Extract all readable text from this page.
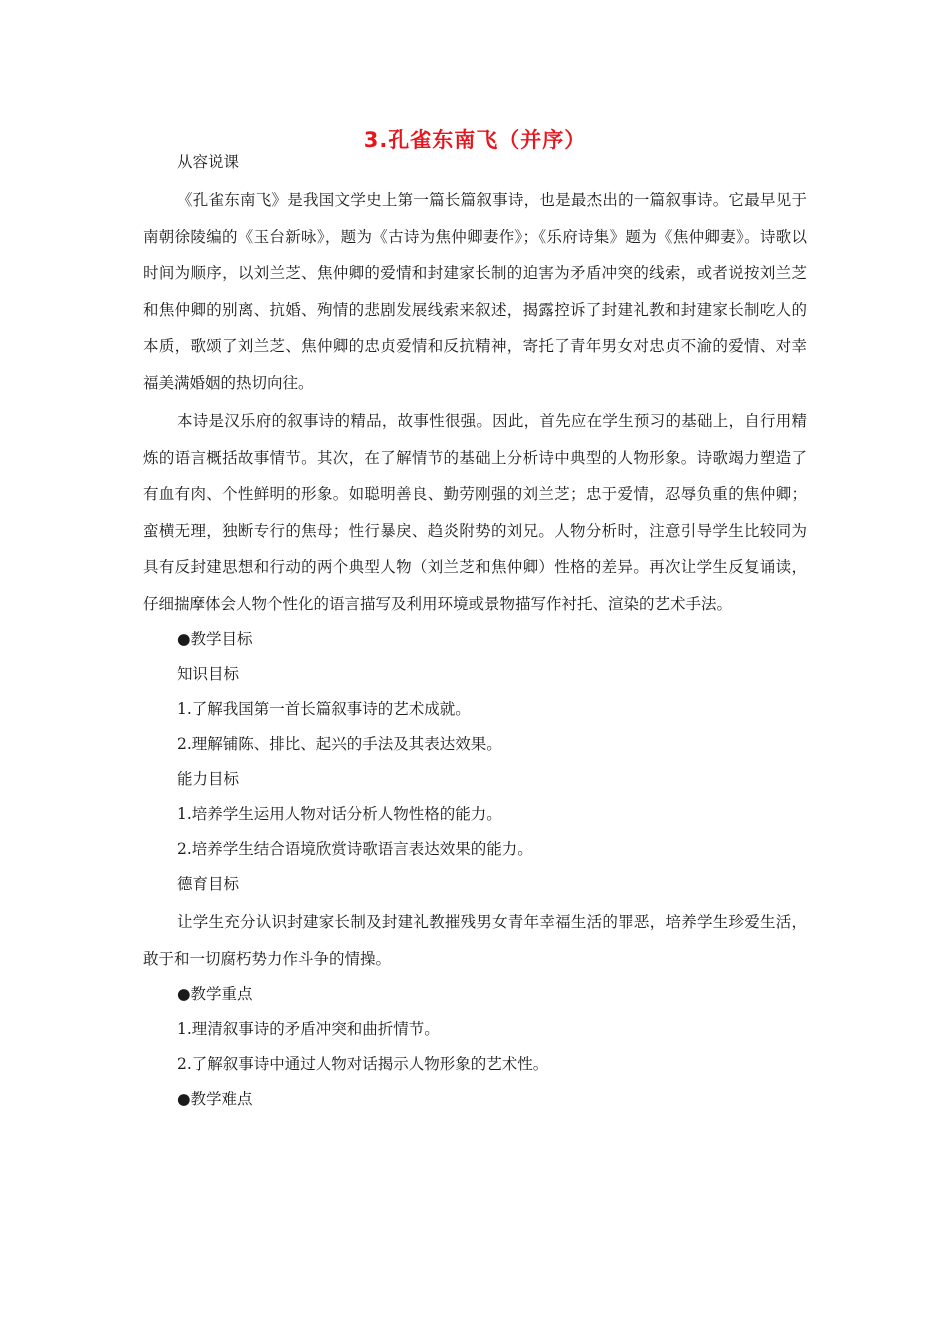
3.孔雀东南飞（并序）
从容说课

《孔雀东南飞》是我国文学史上第一篇长篇叙事诗，也是最杰出的一篇叙事诗。它最早见于南朝徐陵编的《玉台新咏》，题为《古诗为焦仲卿妻作》；《乐府诗集》题为《焦仲卿妻》。诗歌以时间为顺序，以刘兰芝、焦仲卿的爱情和封建家长制的迫害为矛盾冲突的线索，或者说按刘兰芝和焦仲卿的别离、抗婚、殉情的悲剧发展线索来叙述，揭露控诉了封建礼教和封建家长制吃人的本质，歌颂了刘兰芝、焦仲卿的忠贞爱情和反抗精神，寄托了青年男女对忠贞不渝的爱情、对幸福美满婚姻的热切向往。

本诗是汉乐府的叙事诗的精品，故事性很强。因此，首先应在学生预习的基础上，自行用精炼的语言概括故事情节。其次，在了解情节的基础上分析诗中典型的人物形象。诗歌竭力塑造了有血有肉、个性鲜明的形象。如聪明善良、勤劳刚强的刘兰芝；忠于爱情，忍辱负重的焦仲卿；蛮横无理，独断专行的焦母；性行暴戾、趋炎附势的刘兄。人物分析时，注意引导学生比较同为具有反封建思想和行动的两个典型人物（刘兰芝和焦仲卿）性格的差异。再次让学生反复诵读，仔细揣摩体会人物个性化的语言描写及利用环境或景物描写作衬托、渲染的艺术手法。

●教学目标
知识目标
1.了解我国第一首长篇叙事诗的艺术成就。
2.理解铺陈、排比、起兴的手法及其表达效果。
能力目标
1.培养学生运用人物对话分析人物性格的能力。
2.培养学生结合语境欣赏诗歌语言表达效果的能力。
德育目标

让学生充分认识封建家长制及封建礼教摧残男女青年幸福生活的罪恶，培养学生珍爱生活，敢于和一切腐朽势力作斗争的情操。

●教学重点
1.理清叙事诗的矛盾冲突和曲折情节。
2.了解叙事诗中通过人物对话揭示人物形象的艺术性。
●教学难点
